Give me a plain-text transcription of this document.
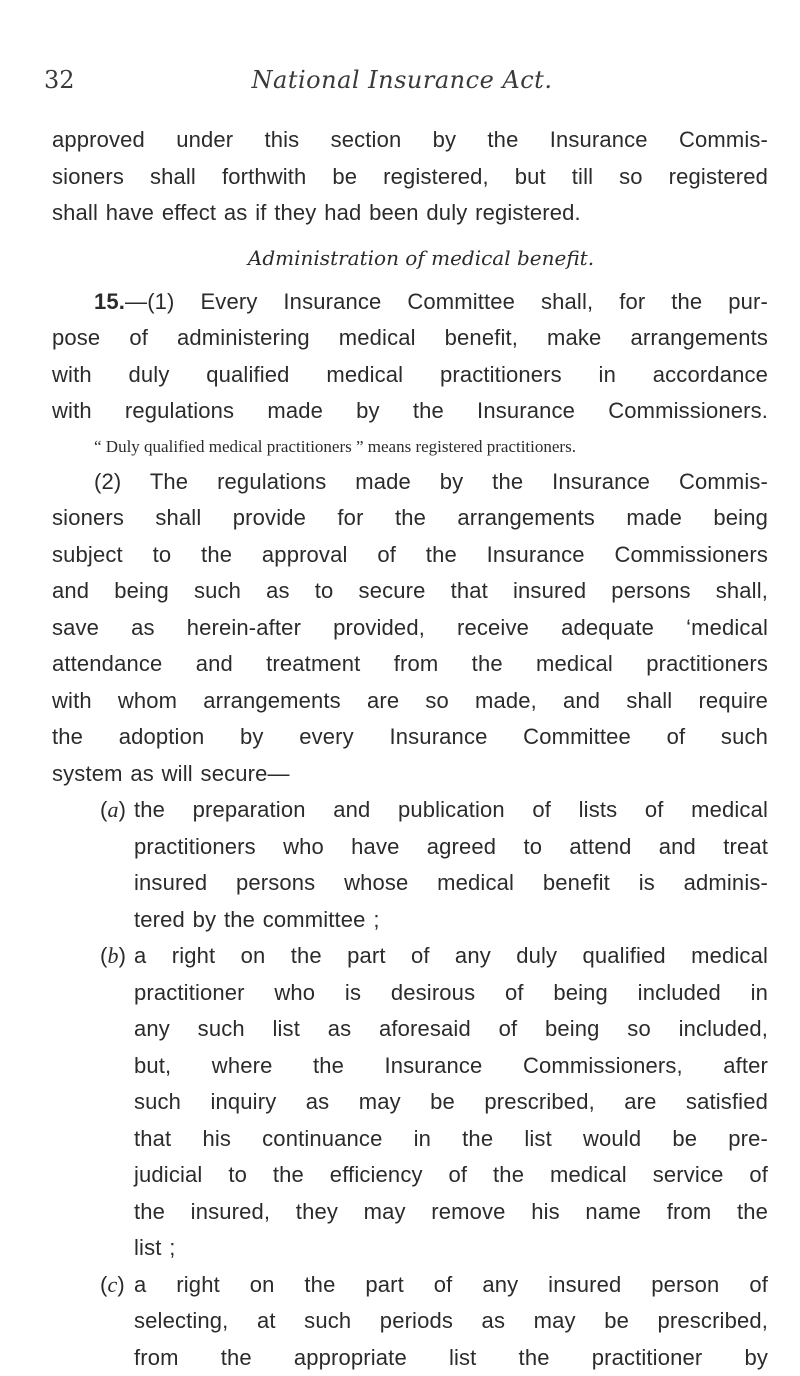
32	National Insurance Act.
approved under this section by the Insurance Commis-
sioners shall forthwith be registered, but till so registered
shall have effect as if they had been duly registered.
Administration of medical benefit.
15.—(1) Every Insurance Committee shall, for the pur-
pose of administering medical benefit, make arrangements
with duly qualified medical practitioners in accordance
with regulations made by the Insurance Commissioners.
“ Duly qualified medical practitioners ” means registered practitioners.
(2) The regulations made by the Insurance Commis-
sioners shall provide for the arrangements made being
subject to the approval of the Insurance Commissioners
and being such as to secure that insured persons shall,
save as herein-after provided, receive adequate ‘medical
attendance and treatment from the medical practitioners
with whom arrangements are so made, and shall require
the adoption by every Insurance Committee of such
system as will secure—
(a) the preparation and publication of lists of medical
practitioners who have agreed to attend and treat
insured persons whose medical benefit is adminis-
tered by the committee ;
(b) a right on the part of any duly qualified medical
practitioner who is desirous of being included in
any such list as aforesaid of being so included,
but, where the Insurance Commissioners, after
such inquiry as may be prescribed, are satisfied
that his continuance in the list would be pre-
judicial to the efficiency of the medical service of
the insured, they may remove his name from the
list ;
(c) a right on the part of any insured person of
selecting, at such periods as may be prescribed,
from the appropriate list the practitioner by
